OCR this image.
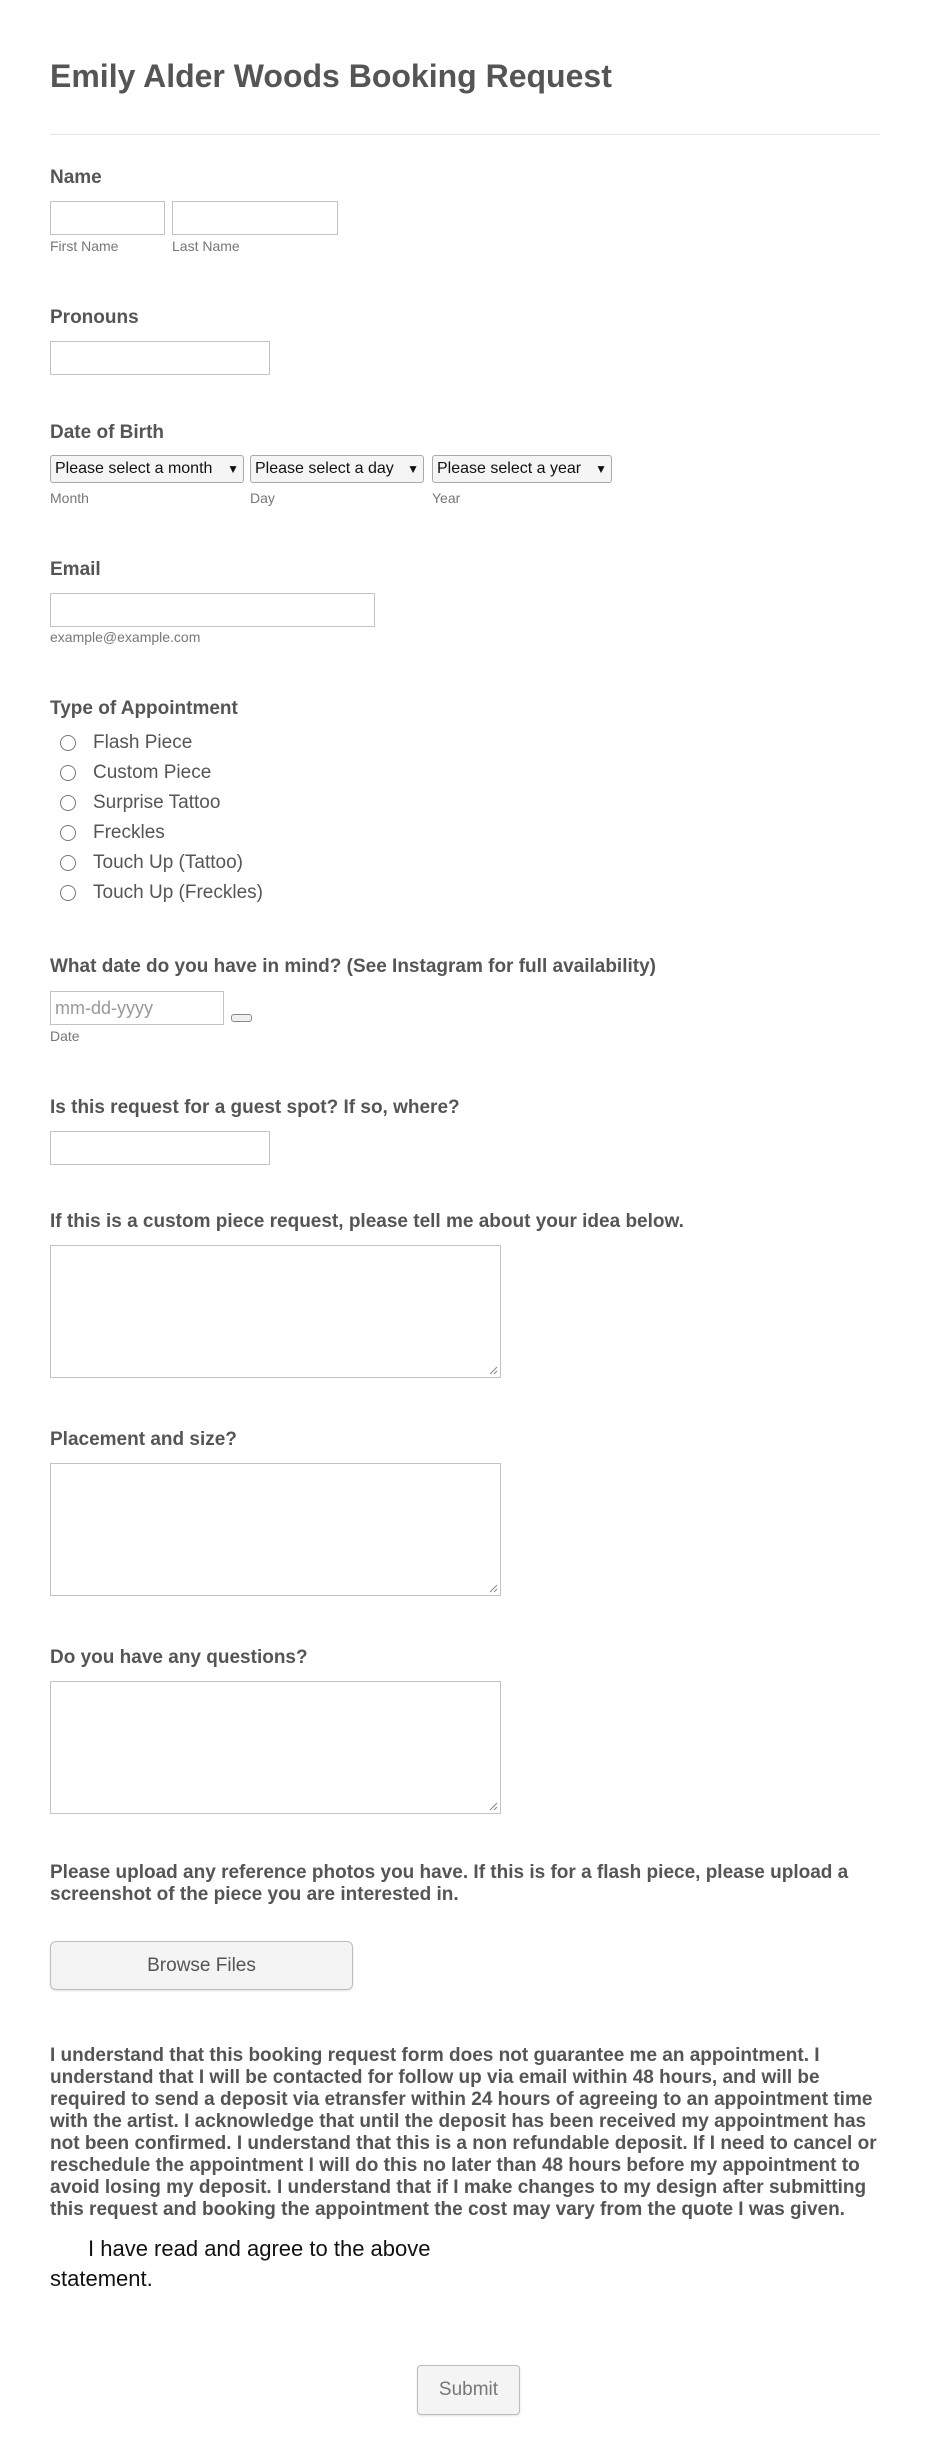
Emily Alder Woods Booking Request
Name
First Name	Last Name
Pronouns
Date of Birth
Please select a month ▼ Please select a day ▼ Please select a year ▼
Month	Day	Year
Email
example@example.com
Type of Appointment
Flash Piece
Custom Piece
Surprise Tattoo
Freckles
Touch Up (Tattoo)
Touch Up (Freckles)
What date do you have in mind? (See Instagram for full availability)
mm-dd-yyyy
Date
Is this request for a guest spot? If so, where?
If this is a custom piece request, please tell me about your idea below.
Placement and size?
Do you have any questions?
Please upload any reference photos you have. If this is for a flash piece, please upload a screenshot of the piece you are interested in.
Browse Files

I understand that this booking request form does not guarantee me an appointment. I understand that I will be contacted for follow up via email within 48 hours, and will be required to send a deposit via etransfer within 24 hours of agreeing to an appointment time with the artist. I acknowledge that until the deposit has been received my appointment has not been confirmed. I understand that this is a non refundable deposit. If I need to cancel or reschedule the appointment I will do this no later than 48 hours before my appointment to avoid losing my deposit. I understand that if I make changes to my design after submitting this request and booking the appointment the cost may vary from the quote I was given.

I have read and agree to the above statement.

Submit
